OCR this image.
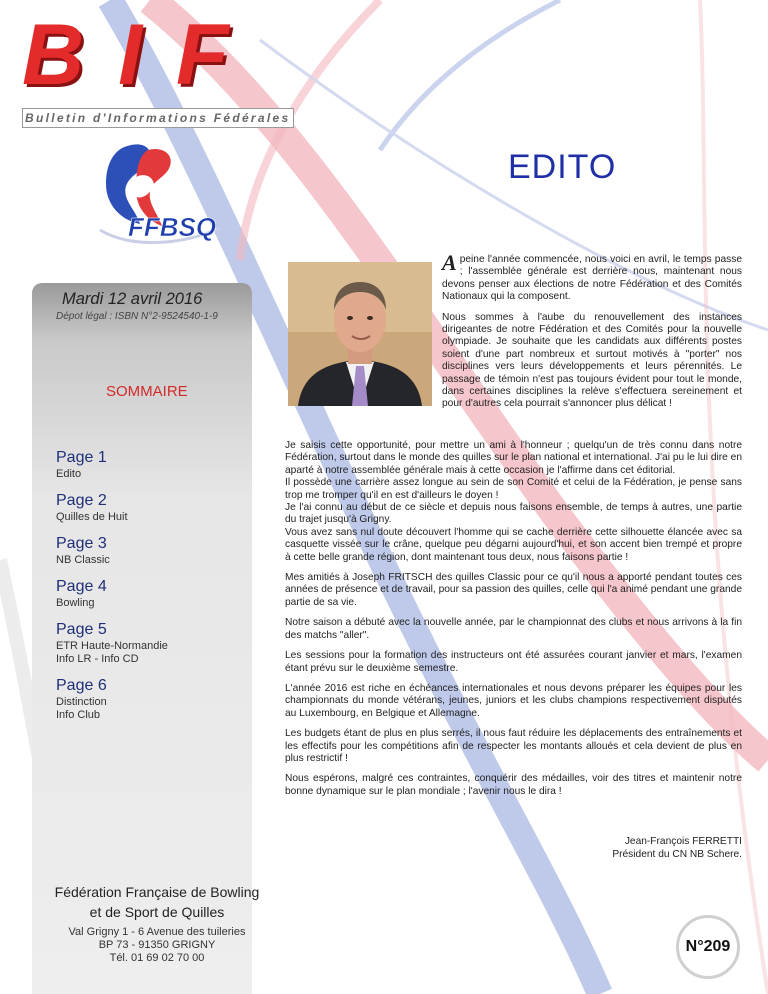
BIF
Bulletin d'Informations Fédérales
FFBSQ
Mardi 12 avril 2016
Dépot légal : ISBN N°2-9524540-1-9
SOMMAIRE
Page 1
Edito
Page 2
Quilles de Huit
Page 3
NB Classic
Page 4
Bowling
Page 5
ETR Haute-Normandie
Info LR - Info CD
Page 6
Distinction
Info Club
Fédération Française de Bowling
et de Sport de Quilles
Val Grigny 1 - 6 Avenue des tuileries
BP 73 - 91350 GRIGNY
Tél. 01 69 02 70 00
EDITO

Apeine l'année commencée, nous voici en avril, le temps passe ; l'assemblée générale est derrière nous, maintenant nous devons penser aux élections de notre Fédération et des Comités Nationaux qui la composent.

Nous sommes à l'aube du renouvellement des instances dirigeantes de notre Fédération et des Comités pour la nouvelle olympiade. Je souhaite que les candidats aux différents postes soient d'une part nombreux et surtout motivés à "porter" nos disciplines vers leurs développements et leurs pérennités. Le passage de témoin n'est pas toujours évident pour tout le monde, dans certaines disciplines la relève s'effectuera sereinement et pour d'autres cela pourrait s'annoncer plus délicat !

Je saisis cette opportunité, pour mettre un ami à l'honneur ; quelqu'un de très connu dans notre Fédération, surtout dans le monde des quilles sur le plan national et international. J'ai pu le lui dire en aparté à notre assemblée générale mais à cette occasion je l'affirme dans cet éditorial.

Il possède une carrière assez longue au sein de son Comité et celui de la Fédération, je pense sans trop me tromper qu'il en est d'ailleurs le doyen !

Je l'ai connu au début de ce siècle et depuis nous faisons ensemble, de temps à autres, une partie du trajet jusqu'à Grigny.

Vous avez sans nul doute découvert l'homme qui se cache derrière cette silhouette élancée avec sa casquette vissée sur le crâne, quelque peu dégarni aujourd'hui, et son accent bien trempé et propre à cette belle grande région, dont maintenant tous deux, nous faisons partie !

Mes amitiés à Joseph FRITSCH des quilles Classic pour ce qu'il nous a apporté pendant toutes ces années de présence et de travail, pour sa passion des quilles, celle qui l'a animé pendant une grande partie de sa vie.

Notre saison a débuté avec la nouvelle année, par le championnat des clubs et nous arrivons à la fin des matchs "aller".

Les sessions pour la formation des instructeurs ont été assurées courant janvier et mars, l'examen étant prévu sur le deuxième semestre.

L'année 2016 est riche en échéances internationales et nous devons préparer les équipes pour les championnats du monde vétérans, jeunes, juniors et les clubs champions respectivement disputés au Luxembourg, en Belgique et Allemagne.

Les budgets étant de plus en plus serrés, il nous faut réduire les déplacements des entraînements et les effectifs pour les compétitions afin de respecter les montants alloués et cela devient de plus en plus restrictif !

Nous espérons, malgré ces contraintes, conquérir des médailles, voir des titres et maintenir notre bonne dynamique sur le plan mondiale ; l'avenir nous le dira !

Jean-François FERRETTI
Président du CN NB Schere.
N°209
